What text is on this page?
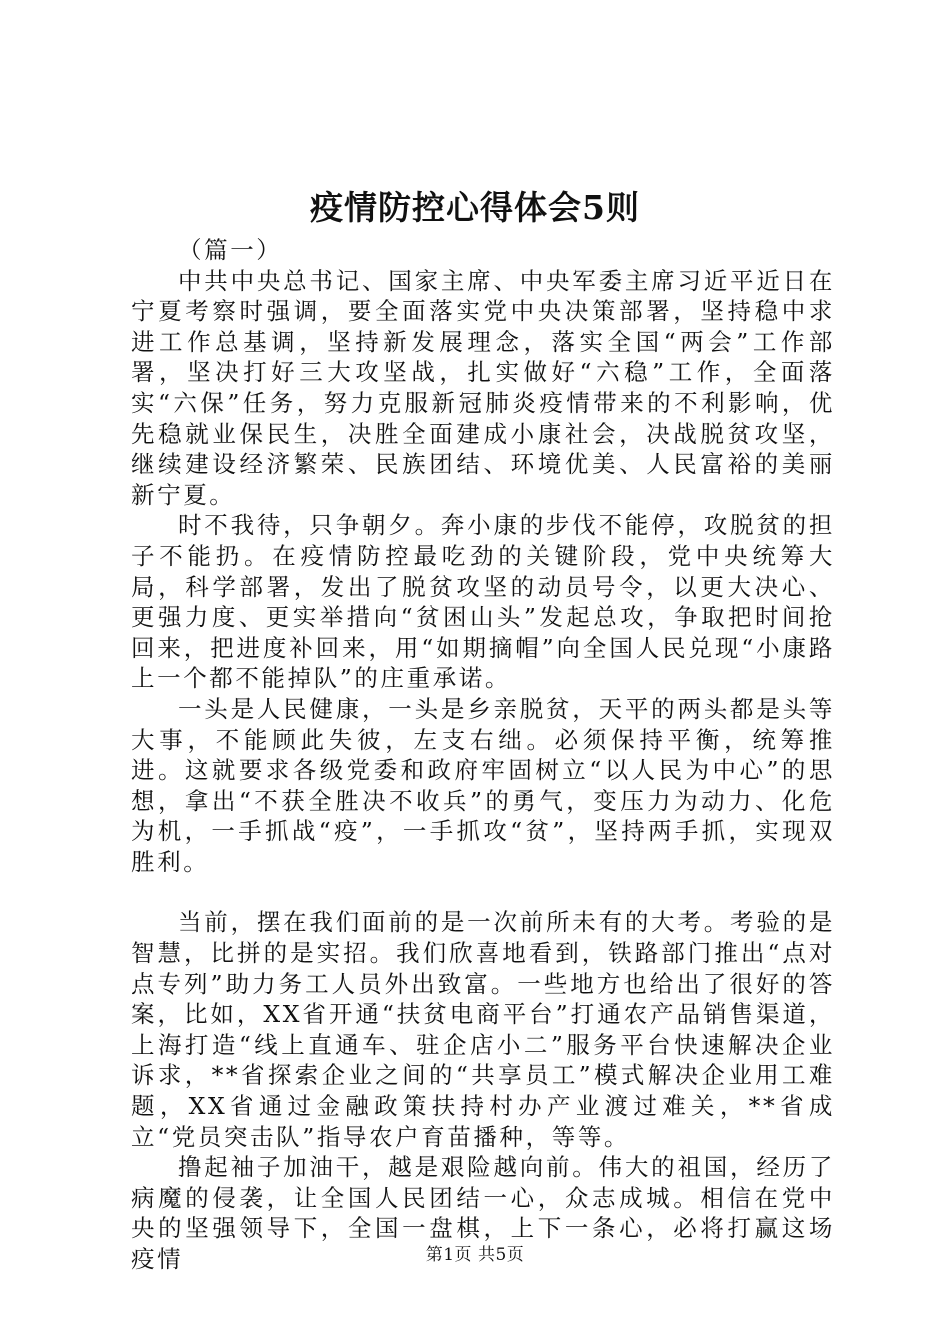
疫情防控心得体会5则

（篇一）

中共中央总书记、国家主席、中央军委主席习近平近日在宁夏考察时强调，要全面落实党中央决策部署，坚持稳中求进工作总基调，坚持新发展理念，落实全国“两会”工作部署，坚决打好三大攻坚战，扎实做好“六稳”工作，全面落实“六保”任务，努力克服新冠肺炎疫情带来的不利影响，优先稳就业保民生，决胜全面建成小康社会，决战脱贫攻坚，继续建设经济繁荣、民族团结、环境优美、人民富裕的美丽新宁夏。

时不我待，只争朝夕。奔小康的步伐不能停，攻脱贫的担子不能扔。在疫情防控最吃劲的关键阶段，党中央统筹大局，科学部署，发出了脱贫攻坚的动员号令，以更大决心、更强力度、更实举措向“贫困山头”发起总攻，争取把时间抢回来，把进度补回来，用“如期摘帽”向全国人民兑现“小康路上一个都不能掉队”的庄重承诺。

一头是人民健康，一头是乡亲脱贫，天平的两头都是头等大事，不能顾此失彼，左支右绌。必须保持平衡，统筹推进。这就要求各级党委和政府牢固树立“以人民为中心”的思想，拿出“不获全胜决不收兵”的勇气，变压力为动力、化危为机，一手抓战“疫”，一手抓攻“贫”，坚持两手抓，实现双胜利。

当前，摆在我们面前的是一次前所未有的大考。考验的是智慧，比拼的是实招。我们欣喜地看到，铁路部门推出“点对点专列”助力务工人员外出致富。一些地方也给出了很好的答案，比如，XX省开通“扶贫电商平台”打通农产品销售渠道，上海打造“线上直通车、驻企店小二”服务平台快速解决企业诉求，**省探索企业之间的“共享员工”模式解决企业用工难题，XX省通过金融政策扶持村办产业渡过难关，**省成立“党员突击队”指导农户育苗播种，等等。

撸起袖子加油干，越是艰险越向前。伟大的祖国，经历了病魔的侵袭，让全国人民团结一心，众志成城。相信在党中央的坚强领导下，全国一盘棋，上下一条心，必将打赢这场疫情	第1页 共5页
